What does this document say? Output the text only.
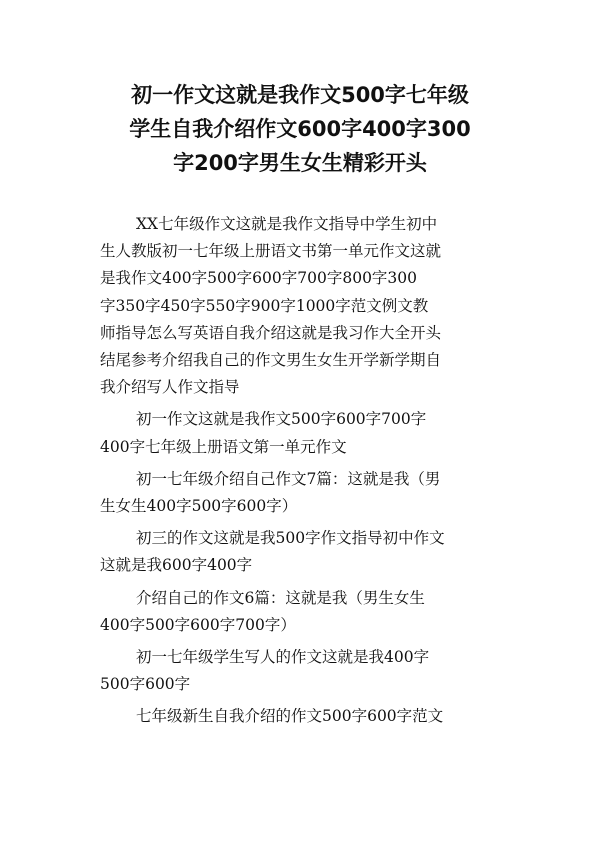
初一作文这就是我作文500字七年级
学生自我介绍作文600字400字300
字200字男生女生精彩开头

XX七年级作文这就是我作文指导中学生初中
生人教版初一七年级上册语文书第一单元作文这就
是我作文400字500字600字700字800字300
字350字450字550字900字1000字范文例文教
师指导怎么写英语自我介绍这就是我习作大全开头
结尾参考介绍我自己的作文男生女生开学新学期自
我介绍写人作文指导

初一作文这就是我作文500字600字700字
400字七年级上册语文第一单元作文

初一七年级介绍自己作文7篇：这就是我（男
生女生400字500字600字）

初三的作文这就是我500字作文指导初中作文
这就是我600字400字

介绍自己的作文6篇：这就是我（男生女生
400字500字600字700字）

初一七年级学生写人的作文这就是我400字
500字600字

七年级新生自我介绍的作文500字600字范文
